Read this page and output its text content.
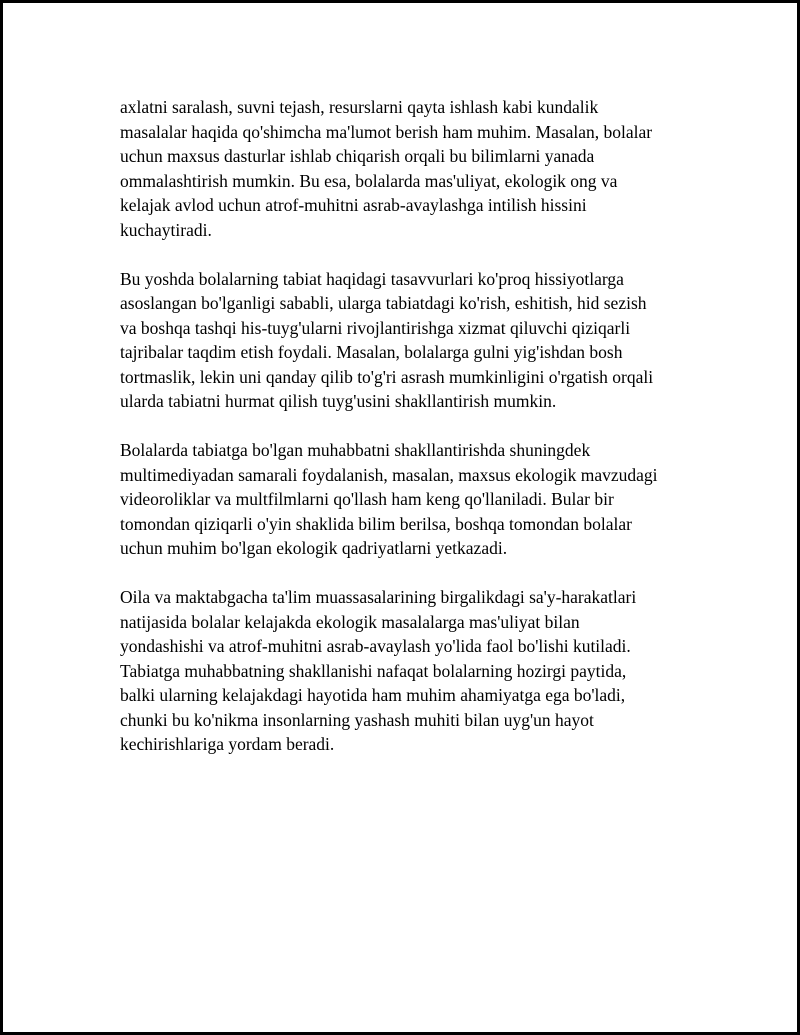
axlatni saralash, suvni tejash, resurslarni qayta ishlash kabi kundalik
masalalar haqida qo'shimcha ma'lumot berish ham muhim. Masalan, bolalar
uchun maxsus dasturlar ishlab chiqarish orqali bu bilimlarni yanada
ommalashtirish mumkin. Bu esa, bolalarda mas'uliyat, ekologik ong va
kelajak avlod uchun atrof-muhitni asrab-avaylashga intilish hissini
kuchaytiradi.

Bu yoshda bolalarning tabiat haqidagi tasavvurlari ko'proq hissiyotlarga
asoslangan bo'lganligi sababli, ularga tabiatdagi ko'rish, eshitish, hid sezish
va boshqa tashqi his-tuyg'ularni rivojlantirishga xizmat qiluvchi qiziqarli
tajribalar taqdim etish foydali. Masalan, bolalarga gulni yig'ishdan bosh
tortmaslik, lekin uni qanday qilib to'g'ri asrash mumkinligini o'rgatish orqali
ularda tabiatni hurmat qilish tuyg'usini shakllantirish mumkin.

Bolalarda tabiatga bo'lgan muhabbatni shakllantirishda shuningdek
multimediyadan samarali foydalanish, masalan, maxsus ekologik mavzudagi
videoroliklar va multfilmlarni qo'llash ham keng qo'llaniladi. Bular bir
tomondan qiziqarli o'yin shaklida bilim berilsa, boshqa tomondan bolalar
uchun muhim bo'lgan ekologik qadriyatlarni yetkazadi.

Oila va maktabgacha ta'lim muassasalarining birgalikdagi sa'y-harakatlari
natijasida bolalar kelajakda ekologik masalalarga mas'uliyat bilan
yondashishi va atrof-muhitni asrab-avaylash yo'lida faol bo'lishi kutiladi.
Tabiatga muhabbatning shakllanishi nafaqat bolalarning hozirgi paytida,
balki ularning kelajakdagi hayotida ham muhim ahamiyatga ega bo'ladi,
chunki bu ko'nikma insonlarning yashash muhiti bilan uyg'un hayot
kechirishlariga yordam beradi.
